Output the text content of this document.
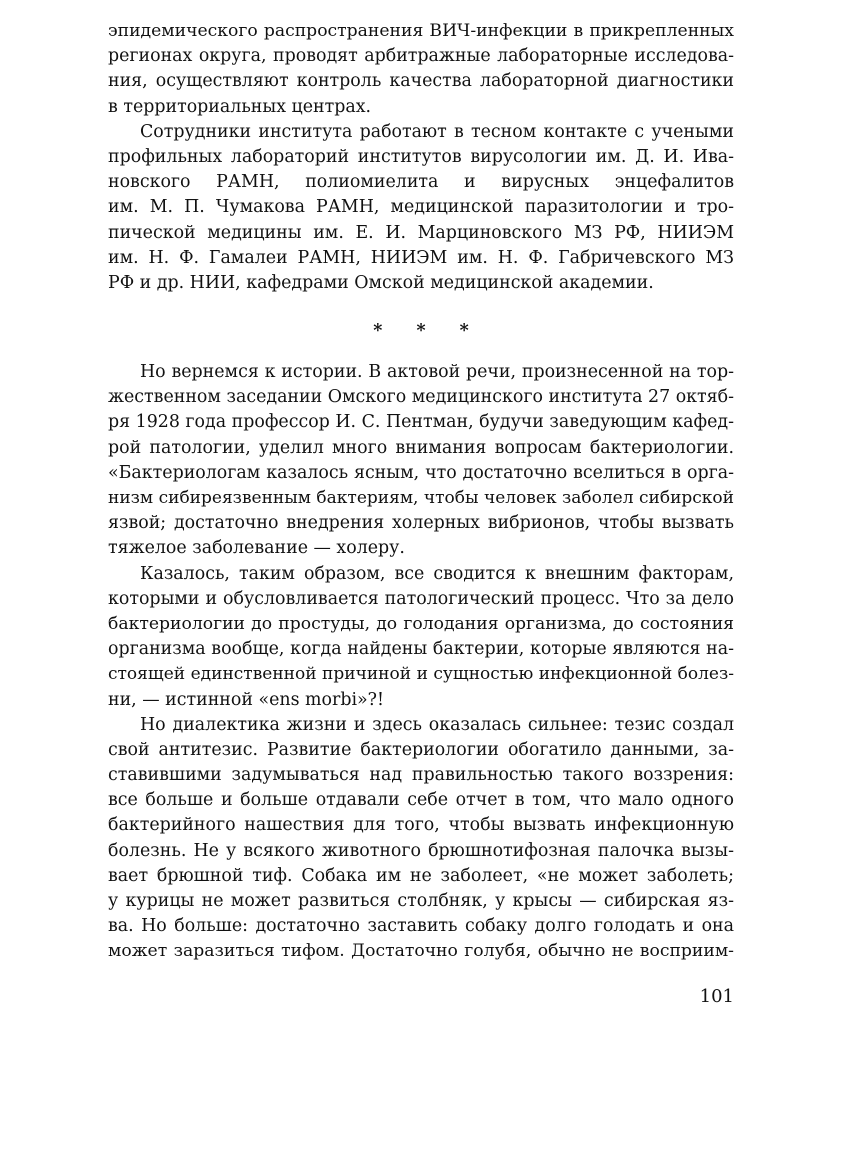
эпидемического распространения ВИЧ-инфекции в прикрепленных
регионах округа, проводят арбитражные лабораторные исследова-
ния, осуществляют контроль качества лабораторной диагностики
в территориальных центрах.
Сотрудники института работают в тесном контакте с учеными
профильных лабораторий институтов вирусологии им. Д. И. Ива-
новского РАМН, полиомиелита и вирусных энцефалитов
им. М. П. Чумакова РАМН, медицинской паразитологии и тро-
пической медицины им. Е. И. Марциновского МЗ РФ, НИИЭМ
им. Н. Ф. Гамалеи РАМН, НИИЭМ им. Н. Ф. Габричевского МЗ
РФ и др. НИИ, кафедрами Омской медицинской академии.
* * *
Но вернемся к истории. В актовой речи, произнесенной на тор-
жественном заседании Омского медицинского института 27 октяб-
ря 1928 года профессор И. С. Пентман, будучи заведующим кафед-
рой патологии, уделил много внимания вопросам бактериологии.
«Бактериологам казалось ясным, что достаточно вселиться в орга-
низм сибиреязвенным бактериям, чтобы человек заболел сибирской
язвой; достаточно внедрения холерных вибрионов, чтобы вызвать
тяжелое заболевание — холеру.
Казалось, таким образом, все сводится к внешним факторам,
которыми и обусловливается патологический процесс. Что за дело
бактериологии до простуды, до голодания организма, до состояния
организма вообще, когда найдены бактерии, которые являются на-
стоящей единственной причиной и сущностью инфекционной болез-
ни, — истинной «ens morbi»?!
Но диалектика жизни и здесь оказалась сильнее: тезис создал
свой антитезис. Развитие бактериологии обогатило данными, за-
ставившими задумываться над правильностью такого воззрения:
все больше и больше отдавали себе отчет в том, что мало одного
бактерийного нашествия для того, чтобы вызвать инфекционную
болезнь. Не у всякого животного брюшнотифозная палочка вызы-
вает брюшной тиф. Собака им не заболеет, «не может заболеть;
у курицы не может развиться столбняк, у крысы — сибирская яз-
ва. Но больше: достаточно заставить собаку долго голодать и она
может заразиться тифом. Достаточно голубя, обычно не восприим-
101
